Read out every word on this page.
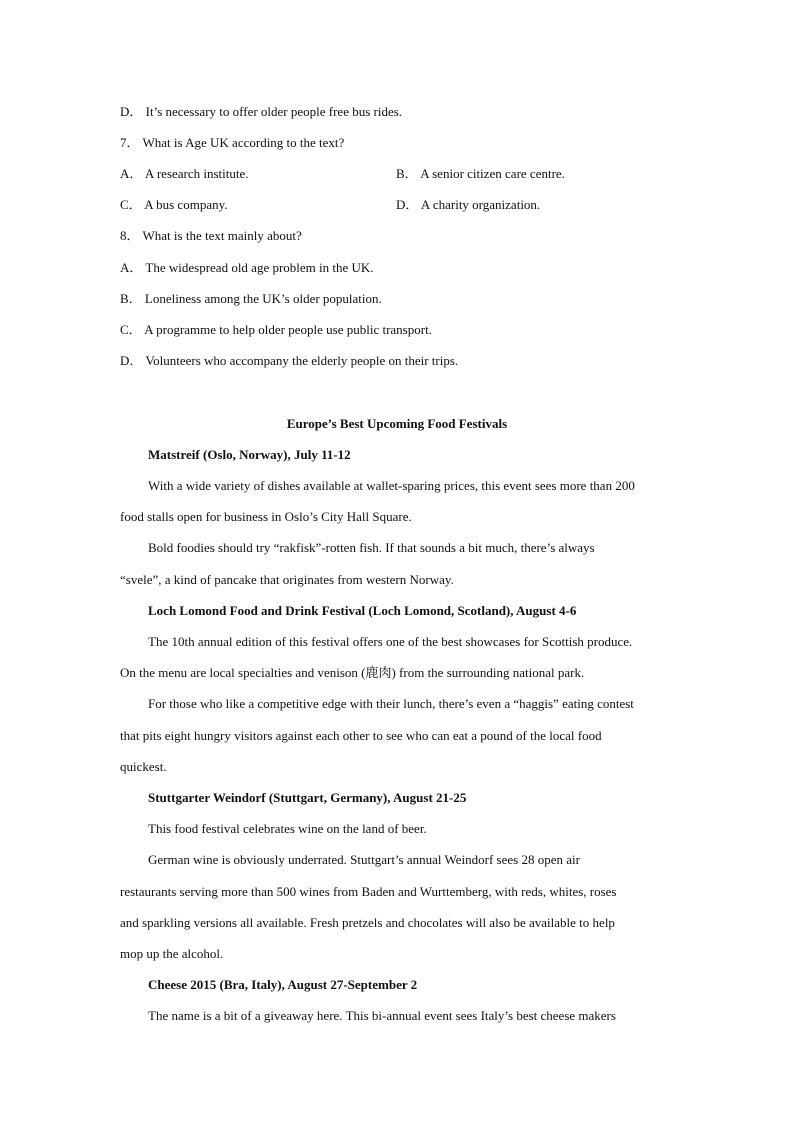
D． It’s necessary to offer older people free bus rides.
7． What is Age UK according to the text?
A． A research institute.	B． A senior citizen care centre.
C． A bus company.	D． A charity organization.
8． What is the text mainly about?
A． The widespread old age problem in the UK.
B． Loneliness among the UK’s older population.
C． A programme to help older people use public transport.
D． Volunteers who accompany the elderly people on their trips.
Europe’s Best Upcoming Food Festivals
Matstreif (Oslo, Norway), July 11-12
With a wide variety of dishes available at wallet-sparing prices, this event sees more than 200
food stalls open for business in Oslo’s City Hall Square.
Bold foodies should try “rakfisk”-rotten fish. If that sounds a bit much, there’s always
“svele”, a kind of pancake that originates from western Norway.
Loch Lomond Food and Drink Festival (Loch Lomond, Scotland), August 4-6
The 10th annual edition of this festival offers one of the best showcases for Scottish produce.
On the menu are local specialties and venison (鹿肉) from the surrounding national park.
For those who like a competitive edge with their lunch, there’s even a “haggis” eating contest
that pits eight hungry visitors against each other to see who can eat a pound of the local food
quickest.
Stuttgarter Weindorf (Stuttgart, Germany), August 21-25
This food festival celebrates wine on the land of beer.
German wine is obviously underrated. Stuttgart’s annual Weindorf sees 28 open air
restaurants serving more than 500 wines from Baden and Wurttemberg, with reds, whites, roses
and sparkling versions all available. Fresh pretzels and chocolates will also be available to help
mop up the alcohol.
Cheese 2015 (Bra, Italy), August 27-September 2
The name is a bit of a giveaway here. This bi-annual event sees Italy’s best cheese makers
